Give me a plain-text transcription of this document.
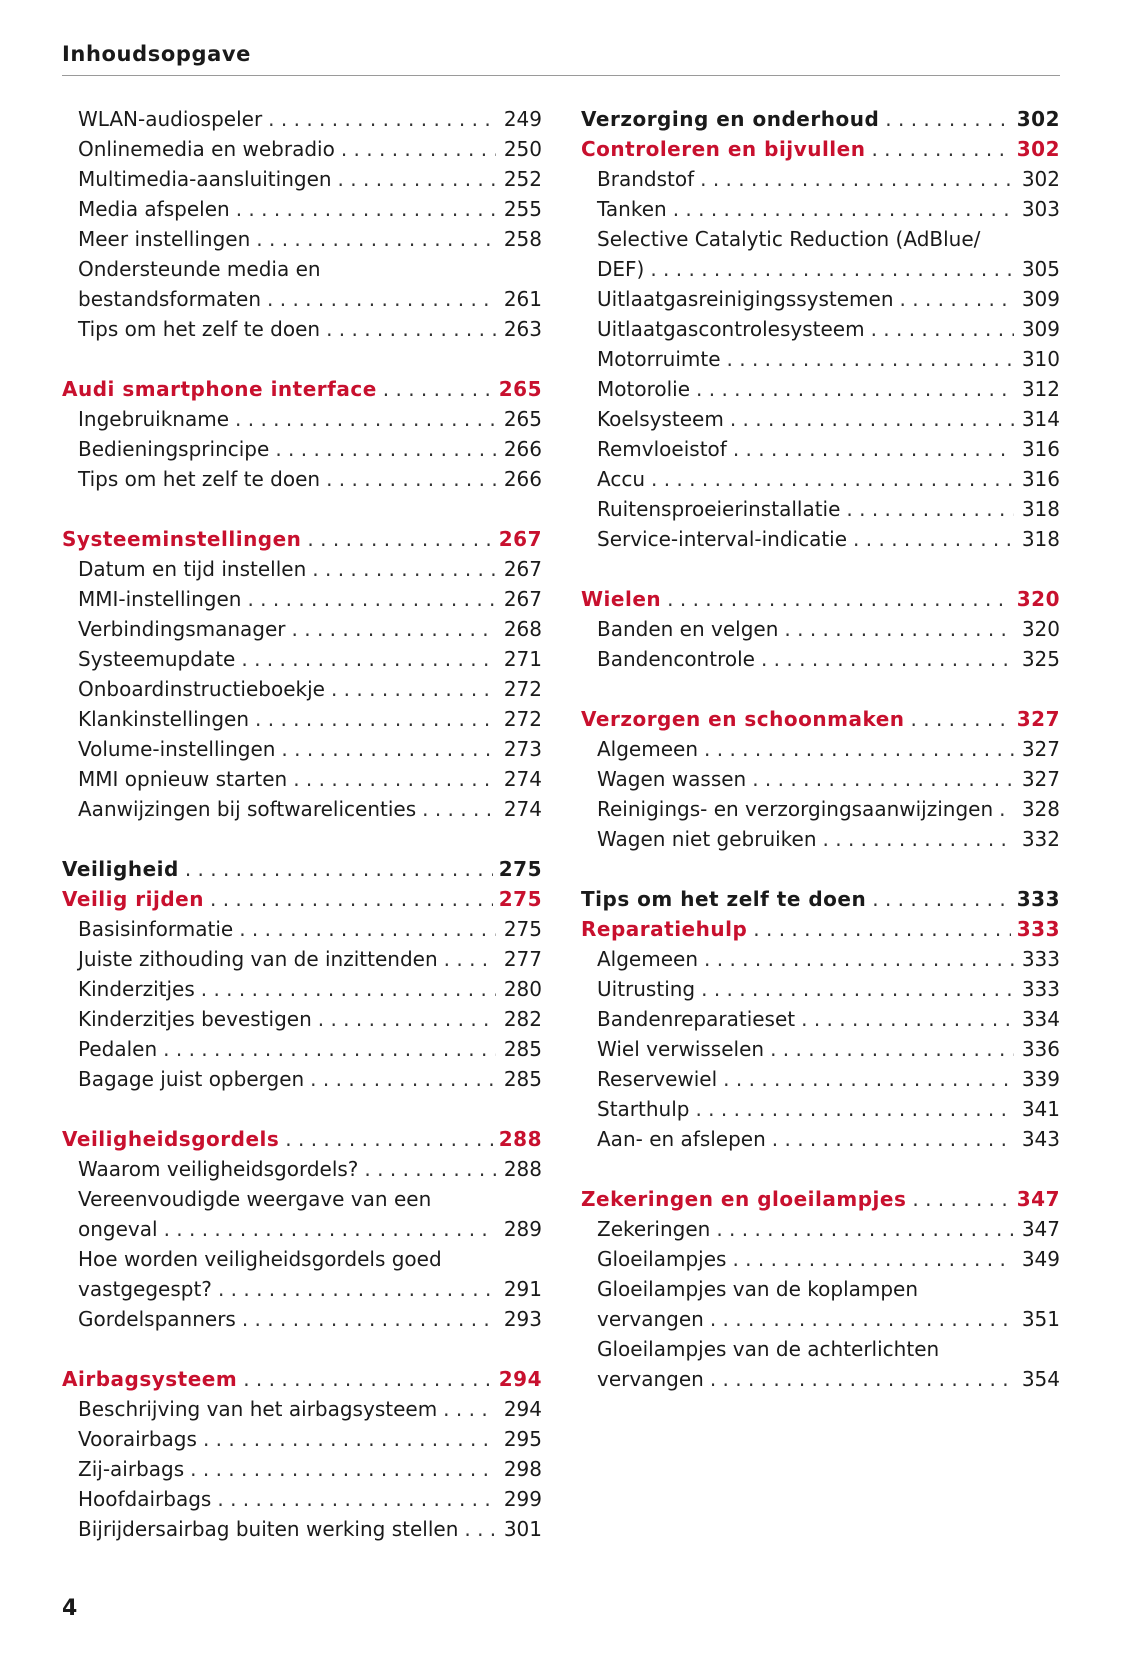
Inhoudsopgave
WLAN-audiospeler . . .	249
Onlinemedia en webradio . . .	250
Multimedia-aansluitingen . . .	252
Media afspelen . . .	255
Meer instellingen . . .	258
Ondersteunde media en
bestandsformaten . . .	261
Tips om het zelf te doen . . .	263
Audi smartphone interface . . .	265
Ingebruikname . . .	265
Bedieningsprincipe . . .	266
Tips om het zelf te doen . . .	266
Systeeminstellingen . . .	267
Datum en tijd instellen . . .	267
MMI-instellingen . . .	267
Verbindingsmanager . . .	268
Systeemupdate . . .	271
Onboardinstructieboekje . . .	272
Klankinstellingen . . .	272
Volume-instellingen . . .	273
MMI opnieuw starten . . .	274
Aanwijzingen bij softwarelicenties . . .	274
Veiligheid . . .	275
Veilig rijden . . .	275
Basisinformatie . . .	275
Juiste zithouding van de inzittenden . . .	277
Kinderzitjes . . .	280
Kinderzitjes bevestigen . . .	282
Pedalen . . .	285
Bagage juist opbergen . . .	285
Veiligheidsgordels . . .	288
Waarom veiligheidsgordels? . . .	288
Vereenvoudigde weergave van een
ongeval . . .	289
Hoe worden veiligheidsgordels goed
vastgegespt? . . .	291
Gordelspanners . . .	293
Airbagsysteem . . .	294
Beschrijving van het airbagsysteem . . .	294
Voorairbags . . .	295
Zij-airbags . . .	298
Hoofdairbags . . .	299
Bijrijdersairbag buiten werking stellen . . .	301
Verzorging en onderhoud . . .	302
Controleren en bijvullen . . .	302
Brandstof . . .	302
Tanken . . .	303
Selective Catalytic Reduction (AdBlue/
DEF) . . .	305
Uitlaatgasreinigingssystemen . . .	309
Uitlaatgascontrolesysteem . . .	309
Motorruimte . . .	310
Motorolie . . .	312
Koelsysteem . . .	314
Remvloeistof . . .	316
Accu . . .	316
Ruitensproeierinstallatie . . .	318
Service-interval-indicatie . . .	318
Wielen . . .	320
Banden en velgen . . .	320
Bandencontrole . . .	325
Verzorgen en schoonmaken . . .	327
Algemeen . . .	327
Wagen wassen . . .	327
Reinigings- en verzorgingsaanwijzingen . . .	328
Wagen niet gebruiken . . .	332
Tips om het zelf te doen . . .	333
Reparatiehulp . . .	333
Algemeen . . .	333
Uitrusting . . .	333
Bandenreparatieset . . .	334
Wiel verwisselen . . .	336
Reservewiel . . .	339
Starthulp . . .	341
Aan- en afslepen . . .	343
Zekeringen en gloeilampjes . . .	347
Zekeringen . . .	347
Gloeilampjes . . .	349
Gloeilampjes van de koplampen
vervangen . . .	351
Gloeilampjes van de achterlichten
vervangen . . .	354
4
